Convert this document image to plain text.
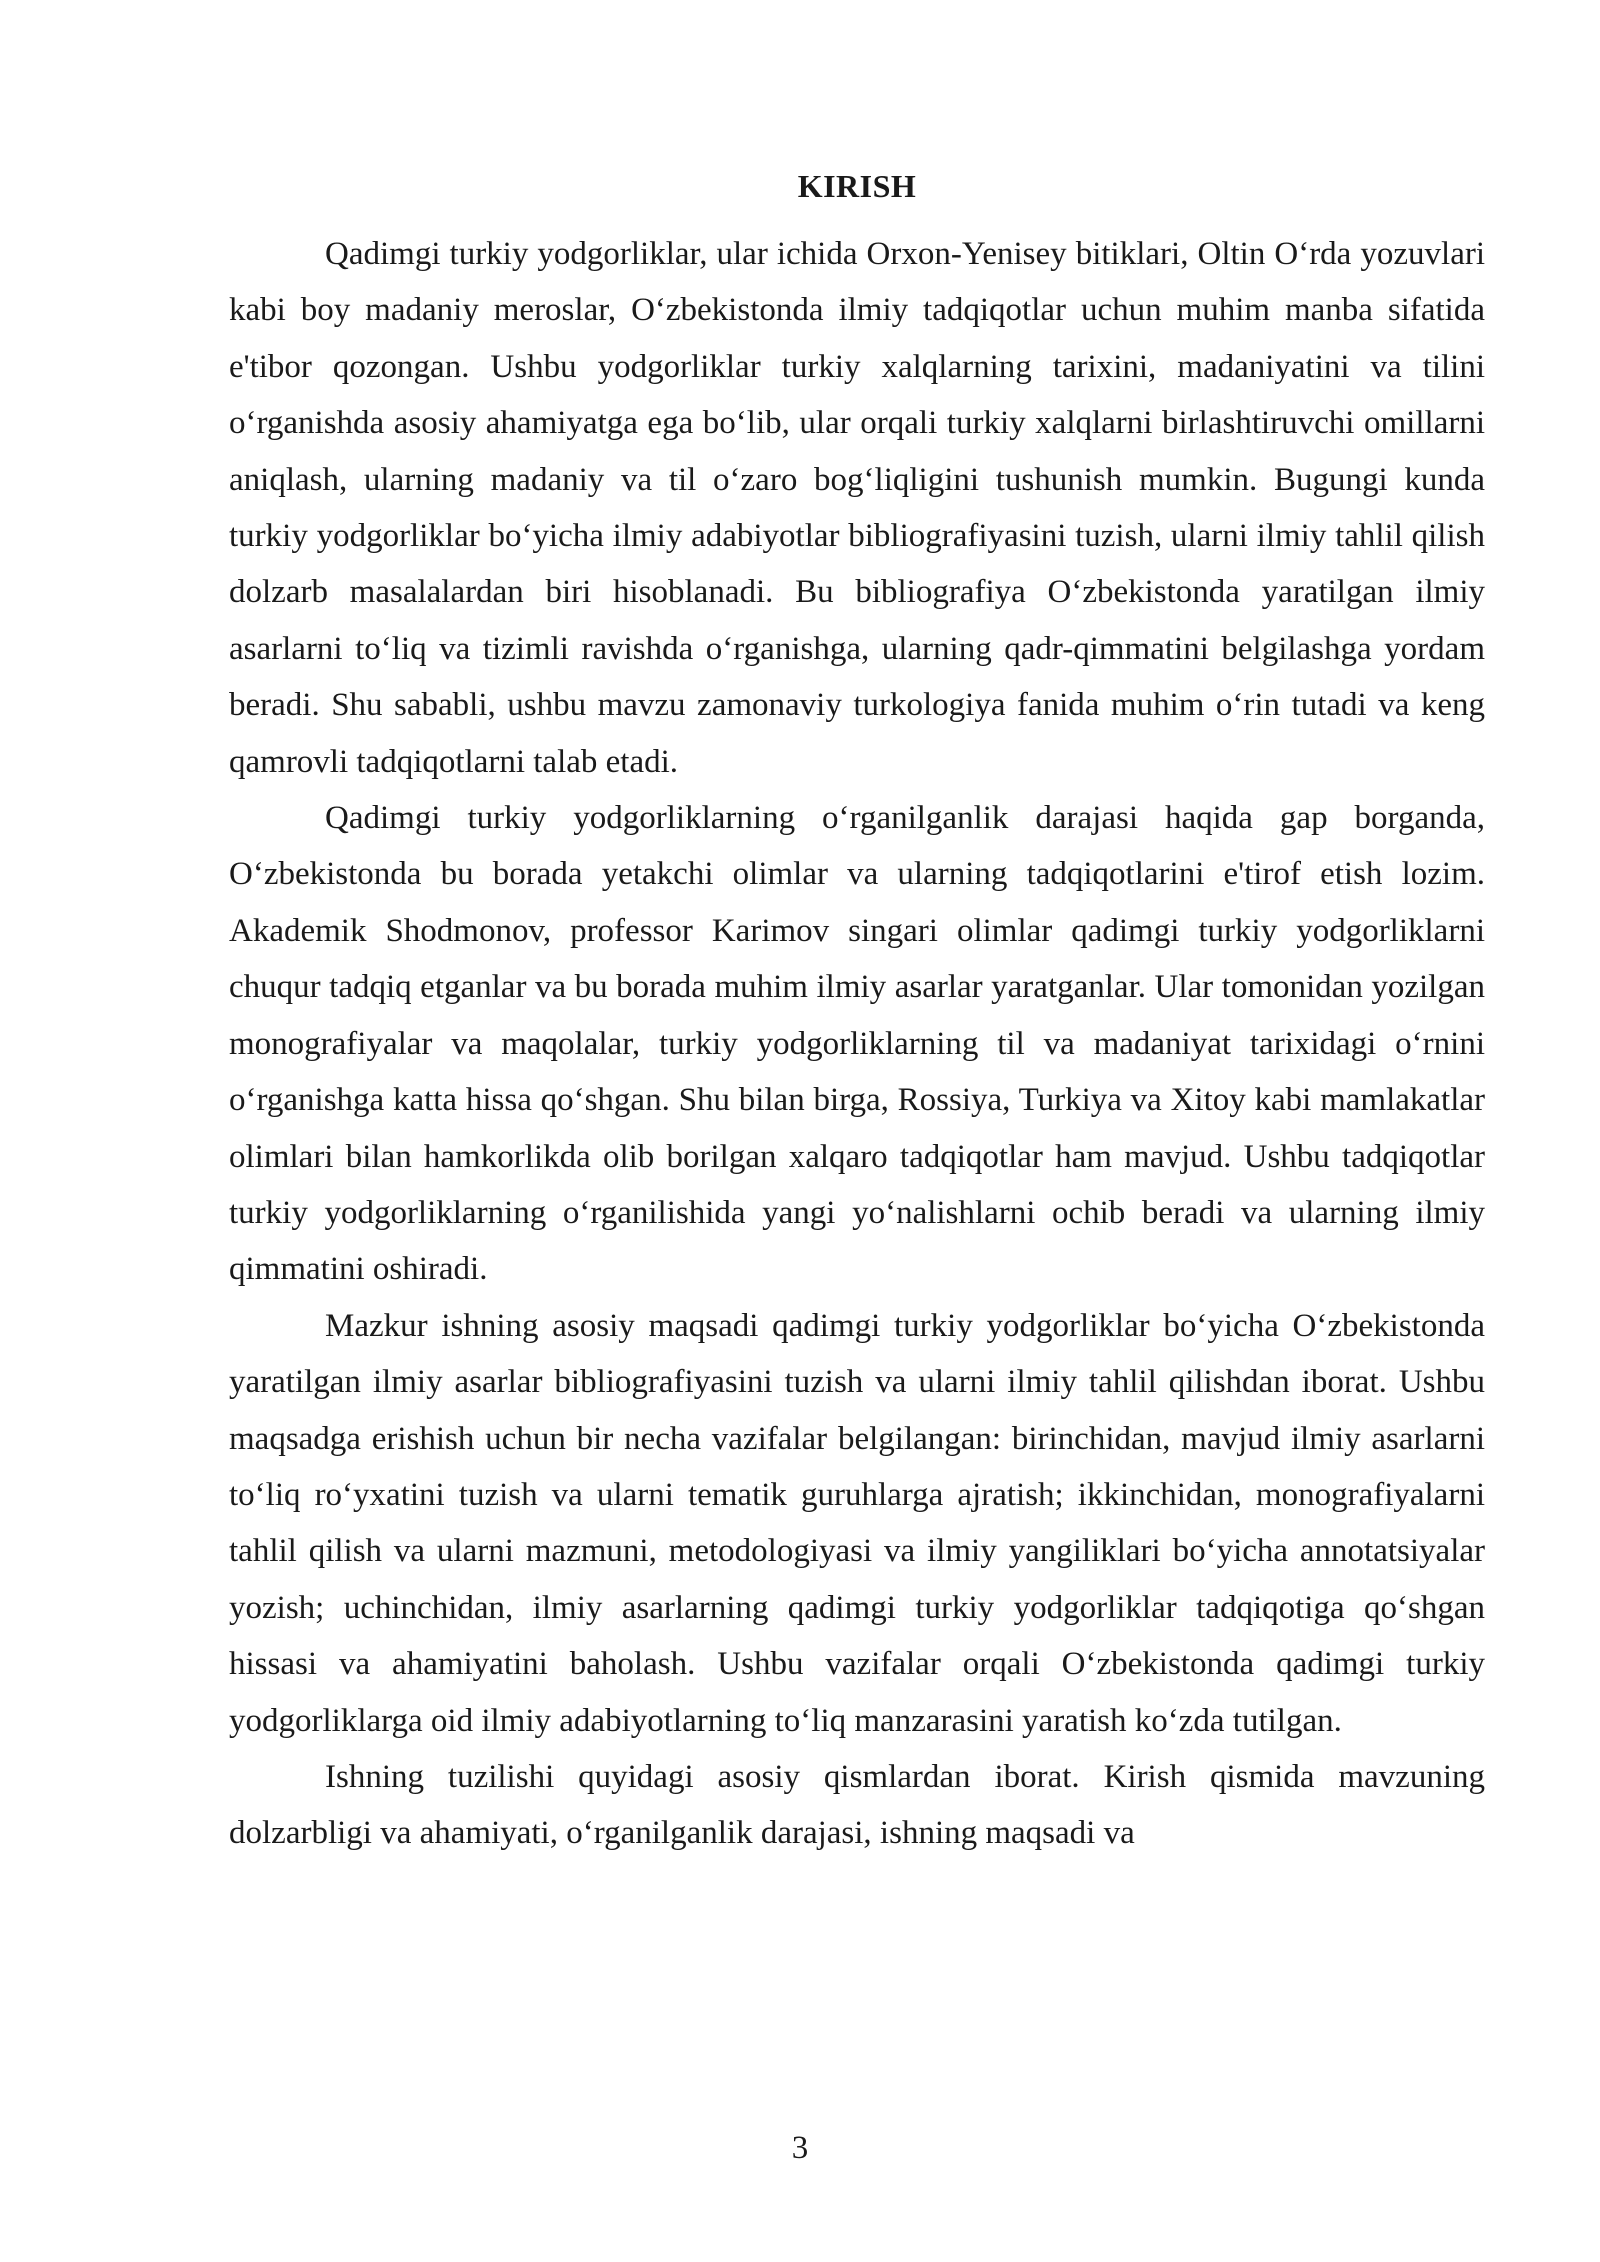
KIRISH

Qadimgi turkiy yodgorliklar, ular ichida Orxon-Yenisey bitiklari, Oltin O‘rda yozuvlari kabi boy madaniy meroslar, O‘zbekistonda ilmiy tadqiqotlar uchun muhim manba sifatida e'tibor qozongan. Ushbu yodgorliklar turkiy xalqlarning tarixini, madaniyatini va tilini o‘rganishda asosiy ahamiyatga ega bo‘lib, ular orqali turkiy xalqlarni birlashtiruvchi omillarni aniqlash, ularning madaniy va til o‘zaro bog‘liqligini tushunish mumkin. Bugungi kunda turkiy yodgorliklar bo‘yicha ilmiy adabiyotlar bibliografiyasini tuzish, ularni ilmiy tahlil qilish dolzarb masalalardan biri hisoblanadi. Bu bibliografiya O‘zbekistonda yaratilgan ilmiy asarlarni to‘liq va tizimli ravishda o‘rganishga, ularning qadr-qimmatini belgilashga yordam beradi. Shu sababli, ushbu mavzu zamonaviy turkologiya fanida muhim o‘rin tutadi va keng qamrovli tadqiqotlarni talab etadi.

Qadimgi turkiy yodgorliklarning o‘rganilganlik darajasi haqida gap borganda, O‘zbekistonda bu borada yetakchi olimlar va ularning tadqiqotlarini e'tirof etish lozim. Akademik Shodmonov, professor Karimov singari olimlar qadimgi turkiy yodgorliklarni chuqur tadqiq etganlar va bu borada muhim ilmiy asarlar yaratganlar. Ular tomonidan yozilgan monografiyalar va maqolalar, turkiy yodgorliklarning til va madaniyat tarixidagi o‘rnini o‘rganishga katta hissa qo‘shgan. Shu bilan birga, Rossiya, Turkiya va Xitoy kabi mamlakatlar olimlari bilan hamkorlikda olib borilgan xalqaro tadqiqotlar ham mavjud. Ushbu tadqiqotlar turkiy yodgorliklarning o‘rganilishida yangi yo‘nalishlarni ochib beradi va ularning ilmiy qimmatini oshiradi.

Mazkur ishning asosiy maqsadi qadimgi turkiy yodgorliklar bo‘yicha O‘zbekistonda yaratilgan ilmiy asarlar bibliografiyasini tuzish va ularni ilmiy tahlil qilishdan iborat. Ushbu maqsadga erishish uchun bir necha vazifalar belgilangan: birinchidan, mavjud ilmiy asarlarni to‘liq ro‘yxatini tuzish va ularni tematik guruhlarga ajratish; ikkinchidan, monografiyalarni tahlil qilish va ularni mazmuni, metodologiyasi va ilmiy yangiliklari bo‘yicha annotatsiyalar yozish; uchinchidan, ilmiy asarlarning qadimgi turkiy yodgorliklar tadqiqotiga qo‘shgan hissasi va ahamiyatini baholash. Ushbu vazifalar orqali O‘zbekistonda qadimgi turkiy yodgorliklarga oid ilmiy adabiyotlarning to‘liq manzarasini yaratish ko‘zda tutilgan.

Ishning tuzilishi quyidagi asosiy qismlardan iborat. Kirish qismida mavzuning dolzarbligi va ahamiyati, o‘rganilganlik darajasi, ishning maqsadi va

3
